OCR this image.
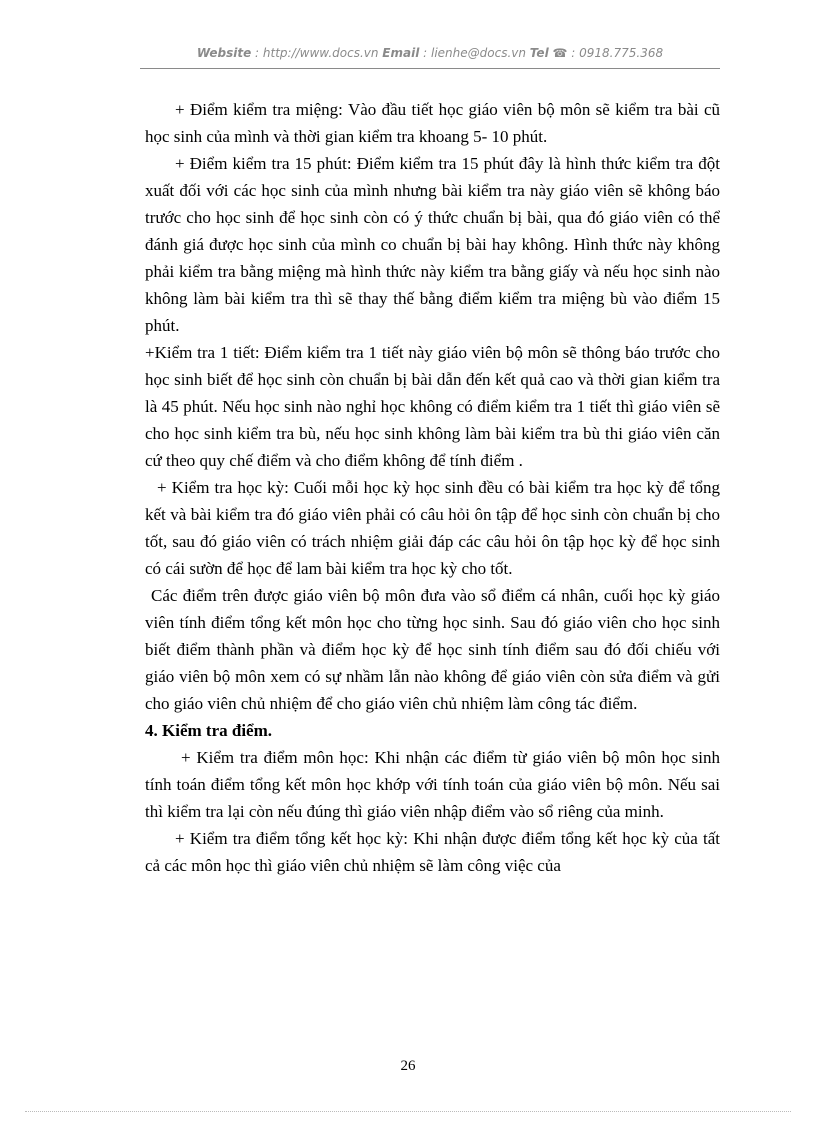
Website : http://www.docs.vn Email : lienhe@docs.vn Tel ☎ : 0918.775.368

+ Điểm kiểm tra miệng: Vào đầu tiết học giáo viên bộ môn sẽ kiểm tra bài cũ học sinh của mình và thời gian kiểm tra khoang 5- 10 phút.

+ Điểm kiểm tra 15 phút: Điểm kiểm tra 15 phút đây là hình thức kiểm tra đột xuất đối với các học sinh của mình nhưng bài kiểm tra này giáo viên sẽ không báo trước cho học sinh để học sinh còn có ý thức chuẩn bị bài, qua đó giáo viên có thể đánh giá được học sinh của mình co chuẩn bị bài hay không. Hình thức này không phải kiểm tra bằng miệng mà hình thức này kiểm tra bằng giấy và nếu học sinh nào không làm bài kiểm tra thì sẽ thay thế bằng điểm kiểm tra miệng bù vào điểm 15 phút.

+Kiểm tra 1 tiết: Điểm kiểm tra 1 tiết này giáo viên bộ môn sẽ thông báo trước cho học sinh biết để học sinh còn chuẩn bị bài dẫn đến kết quả cao và thời gian kiểm tra là 45 phút. Nếu học sinh nào nghỉ học không có điểm kiểm tra 1 tiết thì giáo viên sẽ cho học sinh kiểm tra bù, nếu học sinh không làm bài kiểm tra bù thi giáo viên căn cứ theo quy chế điểm và cho điểm không để tính điểm .

+ Kiểm tra học kỳ: Cuối mỗi học kỳ học sinh đều có bài kiểm tra học kỳ để tổng kết và bài kiểm tra đó giáo viên phải có câu hỏi ôn tập để học sinh còn chuẩn bị cho tốt, sau đó giáo viên có trách nhiệm giải đáp các câu hỏi ôn tập học kỳ để học sinh có cái sườn để học để lam bài kiểm tra học kỳ cho tốt.

Các điểm trên được giáo viên bộ môn đưa vào sổ điểm cá nhân, cuối học kỳ giáo viên tính điểm tổng kết môn học cho từng học sinh. Sau đó giáo viên cho học sinh biết điểm thành phần và điểm học kỳ để học sinh tính điểm sau đó đối chiếu với giáo viên bộ môn xem có sự nhầm lẫn nào không để giáo viên còn sửa điểm và gửi cho giáo viên chủ nhiệm để cho giáo viên chủ nhiệm làm công tác điểm.

4. Kiểm tra điểm.

+ Kiểm tra điểm môn học: Khi nhận các điểm từ giáo viên bộ môn học sinh tính toán điểm tổng kết môn học khớp với tính toán của giáo viên bộ môn. Nếu sai thì kiểm tra lại còn nếu đúng thì giáo viên nhập điểm vào sổ riêng của minh.

+ Kiểm tra điểm tổng kết học kỳ: Khi nhận được điểm tổng kết học kỳ của tất cả các môn học thì giáo viên chủ nhiệm sẽ làm công việc của

26
